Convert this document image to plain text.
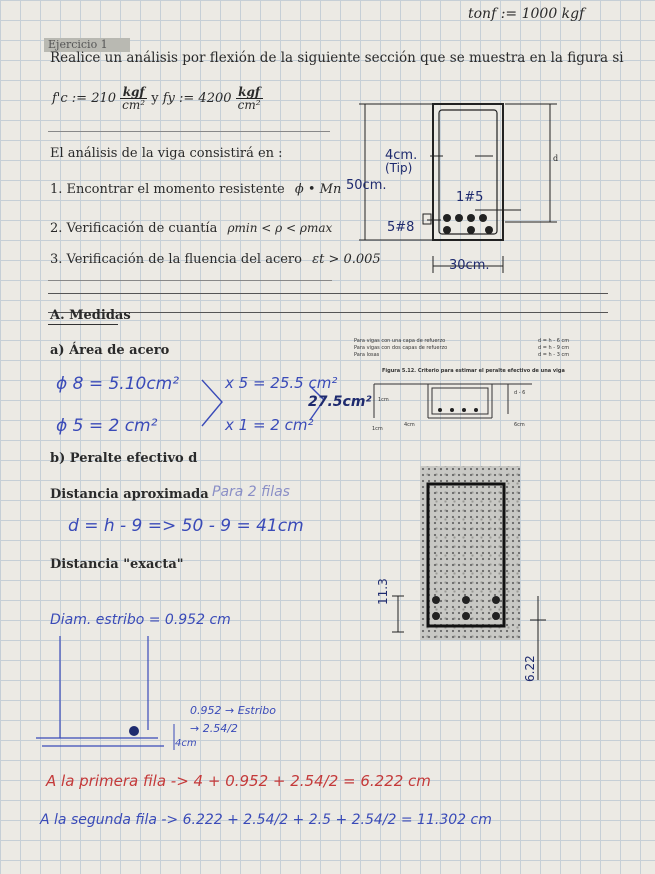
tonf := 1000 kgf
Ejercicio 1
Realice un análisis por flexión de la siguiente sección que se muestra en la figura si
f'c := $210 \frac{\text{kgf}}{\text{cm²}}$ y fy := $4200 \frac{\text{kgf}}{\text{cm²}}$
El análisis de la viga consistirá en :
1. Encontrar el momento resistente ϕ • Mn
2. Verificación de cuantía ρmin < ρ < ρmax
3. Verificación de la fluencia del acero εt > 0.005
4cm.
(Tip)
50cm.
1#5
5#8
30cm.
d
A. Medidas
a) Área de acero
Para vigas con una capa de refuerzo	d = h - 6 cm
Para vigas con dos capas de refuerzo	d = h - 9 cm
Para losas	d = h - 3 cm
Figura 5.12. Criterio para estimar el peralte efectivo de una viga
1cm
1cm
4cm	6cm
d - 6
ϕ 8 = 5.10cm²	x 5 = 25.5 cm²
ϕ 5 = 2 cm²	x 1 = 2 cm²
27.5cm²
b) Peralte efectivo d
Distancia aproximada Para 2 filas
d = h - 9 => 50 - 9 = 41cm
Distancia "exacta"
Diam. estribo = 0.952 cm
11.3
6.22
0.952 → Estribo
→ 2.54/2
4cm
A la primera fila -> 4 + 0.952 + 2.54/2 = 6.222 cm
A la segunda fila -> 6.222 + 2.54/2 + 2.5 + 2.54/2 = 11.302 cm
